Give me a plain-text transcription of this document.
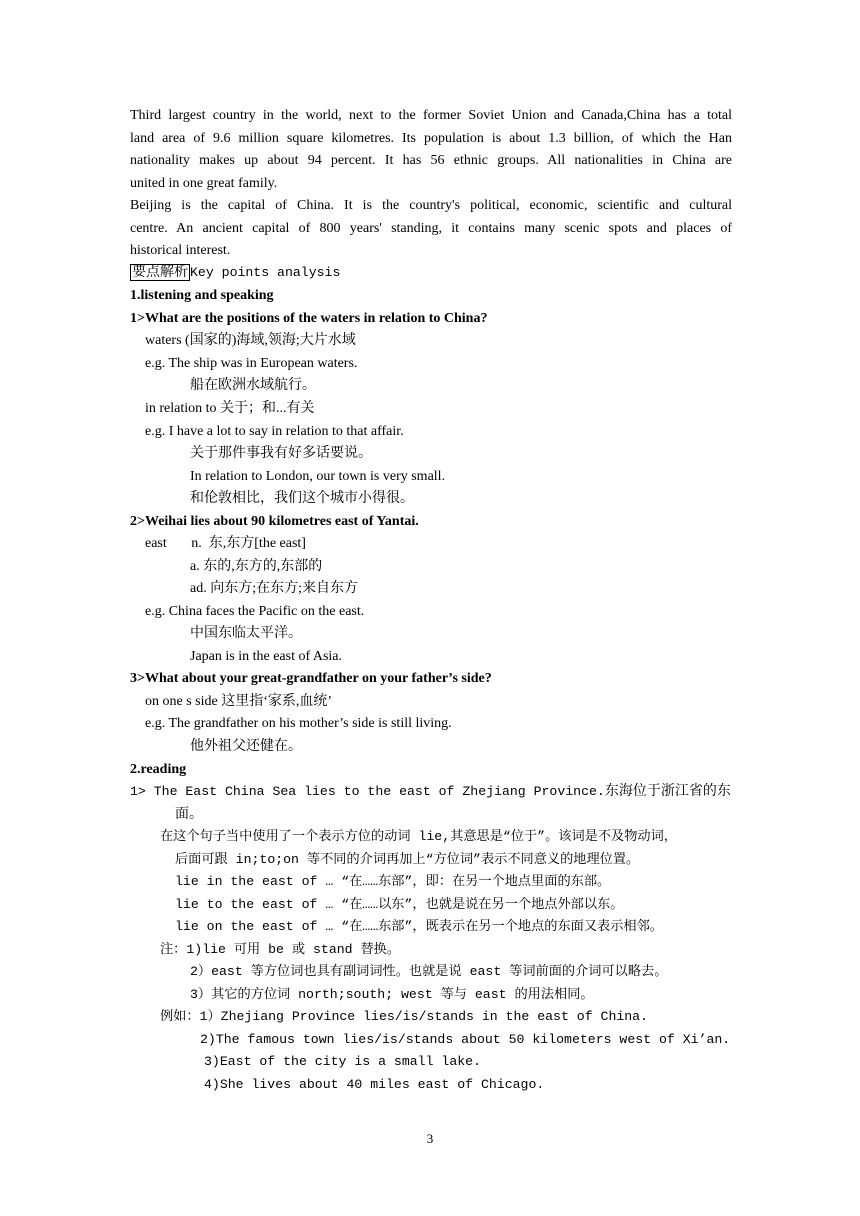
Third largest country in the world, next to the former Soviet Union and Canada,China has a total
land area of 9.6 million square kilometres. Its population is about 1.3 billion, of which the Han
nationality makes up about 94 percent. It has 56 ethnic groups. All nationalities in China are
united in one great family.
Beijing is the capital of China. It is the country's political, economic, scientific and cultural
centre. An ancient capital of 800 years' standing, it contains many scenic spots and places of
historical interest.
要点解析 Key points analysis
1.listening and speaking
1>What are the positions of the waters in relation to China?
waters (国家的)海域,领海;大片水域
e.g. The ship was in European waters.
船在欧洲水域航行。
in relation to 关于；和...有关
e.g. I have a lot to say in relation to that affair.
关于那件事我有好多话要说。
In relation to London, our town is very small.
和伦敦相比，我们这个城市小得很。
2>Weihai lies about 90 kilometres east of Yantai.
east       n.  东,东方[the east]
a. 东的,东方的,东部的
ad. 向东方;在东方;来自东方
e.g. China faces the Pacific on the east.
中国东临太平洋。
Japan is in the east of Asia.
3>What about your great-grandfather on your father’s side?
on one s side 这里指‘家系,血统’
e.g. The grandfather on his mother’s side is still living.
他外祖父还健在。
2.reading
1> The East China Sea lies to the east of Zhejiang Province.东海位于浙江省的东
面。
在这个句子当中使用了一个表示方位的动词 lie,其意思是“位于”。该词是不及物动词，
后面可跟 in;to;on 等不同的介词再加上“方位词”表示不同意义的地理位置。
lie in the east of … “在……东部”，即：在另一个地点里面的东部。
lie to the east of … “在……以东”，也就是说在另一个地点外部以东。
lie on the east of … “在……东部”，既表示在另一个地点的东面又表示相邻。
注：1)lie 可用 be 或 stand 替换。
2）east 等方位词也具有副词词性。也就是说 east 等词前面的介词可以略去。
3）其它的方位词 north;south; west 等与 east 的用法相同。
例如：1）Zhejiang Province lies/is/stands in the east of China.
2)The famous town lies/is/stands about 50 kilometers west of Xi’an.
3)East of the city is a small lake.
4)She lives about 40 miles east of Chicago.
3
